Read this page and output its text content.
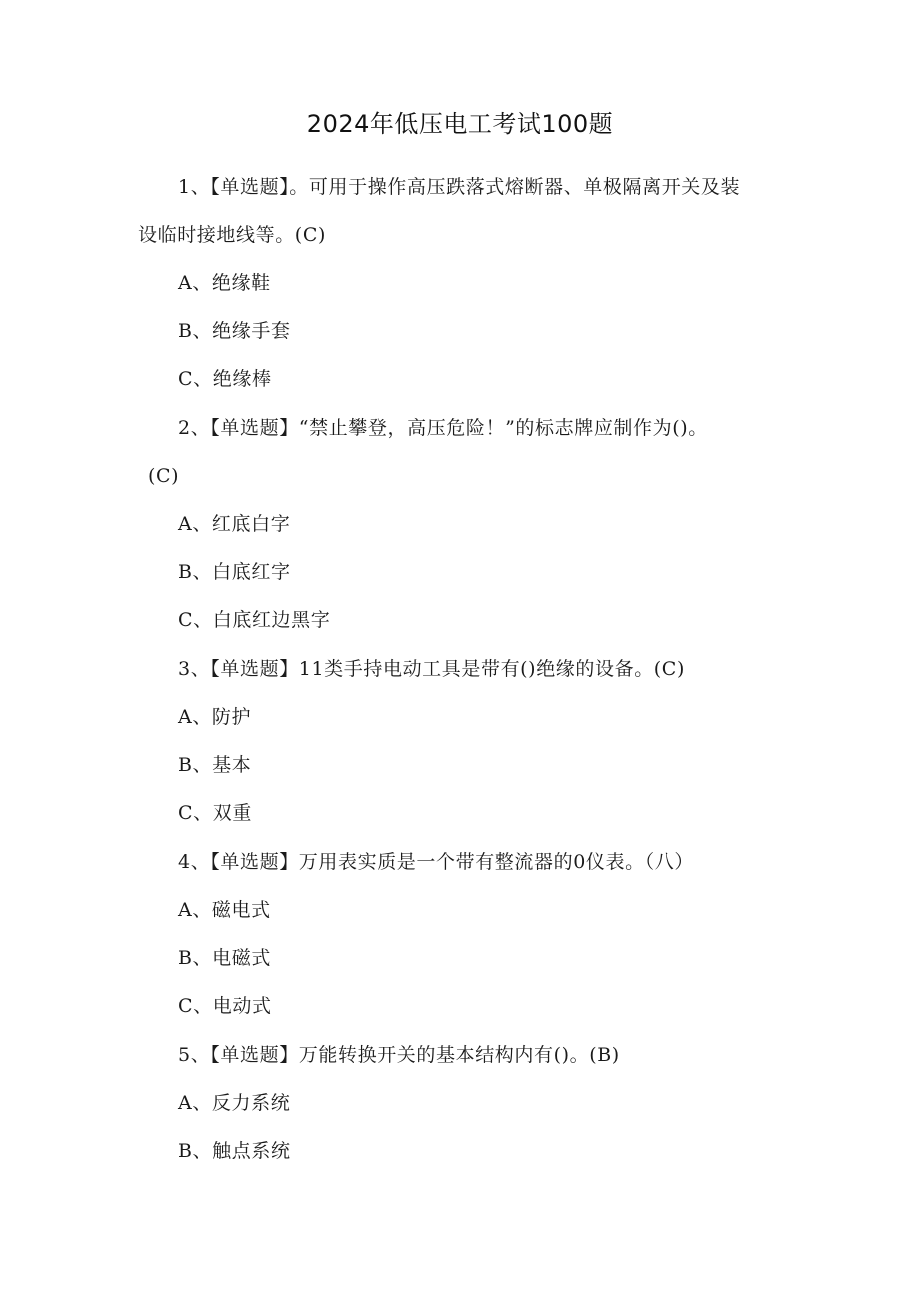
2024年低压电工考试100题
1、【单选题】。可用于操作高压跌落式熔断器、单极隔离开关及装
设临时接地线等。(C)
A、绝缘鞋
B、绝缘手套
C、绝缘棒
2、【单选题】“禁止攀登，高压危险！”的标志牌应制作为()。
(C)
A、红底白字
B、白底红字
C、白底红边黑字
3、【单选题】11类手持电动工具是带有()绝缘的设备。(C)
A、防护
B、基本
C、双重
4、【单选题】万用表实质是一个带有整流器的0仪表。（八）
A、磁电式
B、电磁式
C、电动式
5、【单选题】万能转换开关的基本结构内有()。(B)
A、反力系统
B、触点系统
